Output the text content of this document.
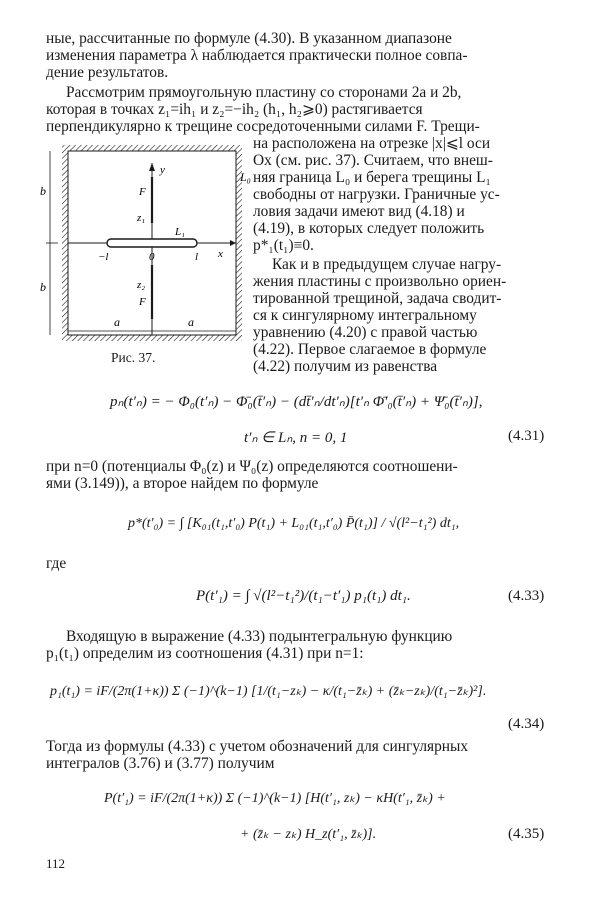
ные, рассчитанные по формуле (4.30). В указанном диапазоне
изменения параметра λ наблюдается практически полное совпа-
дение результатов.
Рассмотрим прямоугольную пластину со сторонами 2a и 2b,
которая в точках z₁=ih₁ и z₂=−ih₂ (h₁, h₂⩾0) растягивается
перпендикулярно к трещине сосредоточенными силами F. Трещи-
на расположена на отрезке |x|⩽l оси
Ox (см. рис. 37). Считаем, что внеш-
няя граница L₀ и берега трещины L₁
свободны от нагрузки. Граничные ус-
ловия задачи имеют вид (4.18) и
(4.19), в которых следует положить
p*₁(t₁)≡0.
Как и в предыдущем случае нагру-
жения пластины с произвольно ориен-
тированной трещиной, задача сводит-
ся к сингулярному интегральному
уравнению (4.20) с правой частью
(4.22). Первое слагаемое в формуле
(4.22) получим из равенства
b
b
L₀
y
F
z₁
z₂
F
L₁
−l	0	l x
a	a
Рис. 37.
pₙ(t′ₙ) = − Φ₀(t′ₙ) − Φ̄₀(t̄′ₙ) − (dt̄′ₙ/dt′ₙ)[t′ₙ Φ̄′₀(t̄′ₙ) + Ψ̄₀(t̄′ₙ)],
t′ₙ ∈ Lₙ, n = 0, 1	(4.31)
при n=0 (потенциалы Φ₀(z) и Ψ₀(z) определяются соотношени-
ями (3.149)), а второе найдем по формуле
p*(t′₀) = ∫ [K₀₁(t₁,t′₀) P(t₁) + L₀₁(t₁,t′₀) P̄(t₁)] / √(l²−t₁²) dt₁,
где
P(t′₁) = ∫ √(l²−t₁²)/(t₁−t′₁) p₁(t₁) dt₁.	(4.33)
Входящую в выражение (4.33) подынтегральную функцию
p₁(t₁) определим из соотношения (4.31) при n=1:
p₁(t₁) = iF/(2π(1+κ)) Σ (−1)^(k−1) [1/(t₁−zₖ) − κ/(t₁−z̄ₖ) + (z̄ₖ−zₖ)/(t₁−z̄ₖ)²].
(4.34)
Тогда из формулы (4.33) с учетом обозначений для сингулярных
интегралов (3.76) и (3.77) получим
P(t′₁) = iF/(2π(1+κ)) Σ (−1)^(k−1) [H(t′₁, zₖ) − κH(t′₁, z̄ₖ) +
+ (z̄ₖ − zₖ) H_z(t′₁, z̄ₖ)].	(4.35)
112
